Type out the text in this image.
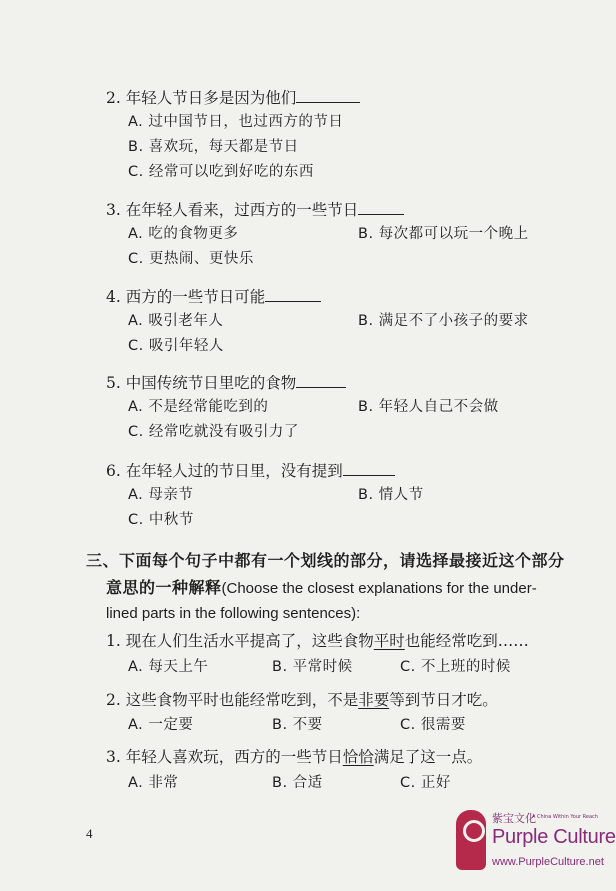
2. 年轻人节日多是因为他们
A. 过中国节日，也过西方的节日
B. 喜欢玩，每天都是节日
C. 经常可以吃到好吃的东西
3. 在年轻人看来，过西方的一些节日
A. 吃的食物更多	B. 每次都可以玩一个晚上
C. 更热闹、更快乐
4. 西方的一些节日可能
A. 吸引老年人	B. 满足不了小孩子的要求
C. 吸引年轻人
5. 中国传统节日里吃的食物
A. 不是经常能吃到的	B. 年轻人自己不会做
C. 经常吃就没有吸引力了
6. 在年轻人过的节日里，没有提到
A. 母亲节	B. 情人节
C. 中秋节
三、下面每个句子中都有一个划线的部分，请选择最接近这个部分
意思的一种解释(Choose the closest explanations for the under-
lined parts in the following sentences):
1. 现在人们生活水平提高了，这些食物平时也能经常吃到……
A. 每天上午	B. 平常时候	C. 不上班的时候
2. 这些食物平时也能经常吃到，不是非要等到节日才吃。
A. 一定要	B. 不要	C. 很需要
3. 年轻人喜欢玩，西方的一些节日恰恰满足了这一点。
A. 非常	B. 合适	C. 正好
4
紫宝文化
A China Within Your Reach
Purple Culture
www.PurpleCulture.net
